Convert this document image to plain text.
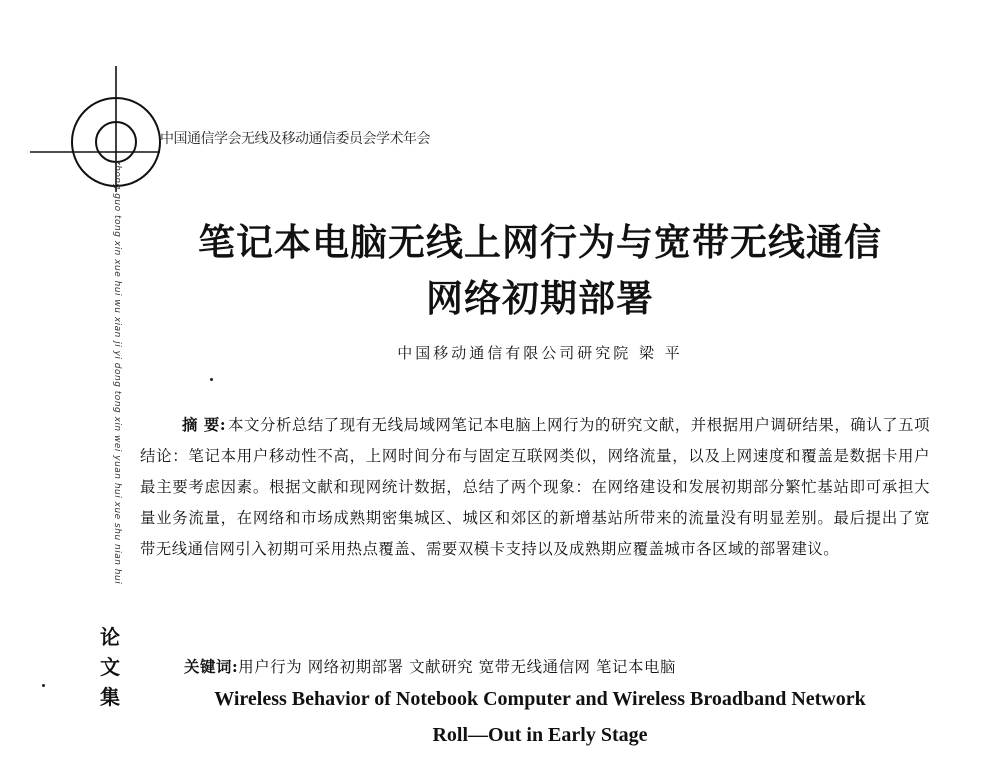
中国通信学会无线及移动通信委员会学术年会
zhong guo tong xin xue hui wu xian ji yi dong tong xin wei yuan hui xue shu nian hui
论
文
集
笔记本电脑无线上网行为与宽带无线通信
网络初期部署
中国移动通信有限公司研究院 梁 平
摘 要: 本文分析总结了现有无线局域网笔记本电脑上网行为的研究文献，并根据用户调研结果，确认了五项结论：笔记本用户移动性不高，上网时间分布与固定互联网类似，网络流量，以及上网速度和覆盖是数据卡用户最主要考虑因素。根据文献和现网统计数据，总结了两个现象：在网络建设和发展初期部分繁忙基站即可承担大量业务流量，在网络和市场成熟期密集城区、城区和郊区的新增基站所带来的流量没有明显差别。最后提出了宽带无线通信网引入初期可采用热点覆盖、需要双模卡支持以及成熟期应覆盖城市各区域的部署建议。
关键词:用户行为 网络初期部署 文献研究 宽带无线通信网 笔记本电脑
Wireless Behavior of Notebook Computer and Wireless Broadband Network
Roll—Out in Early Stage
